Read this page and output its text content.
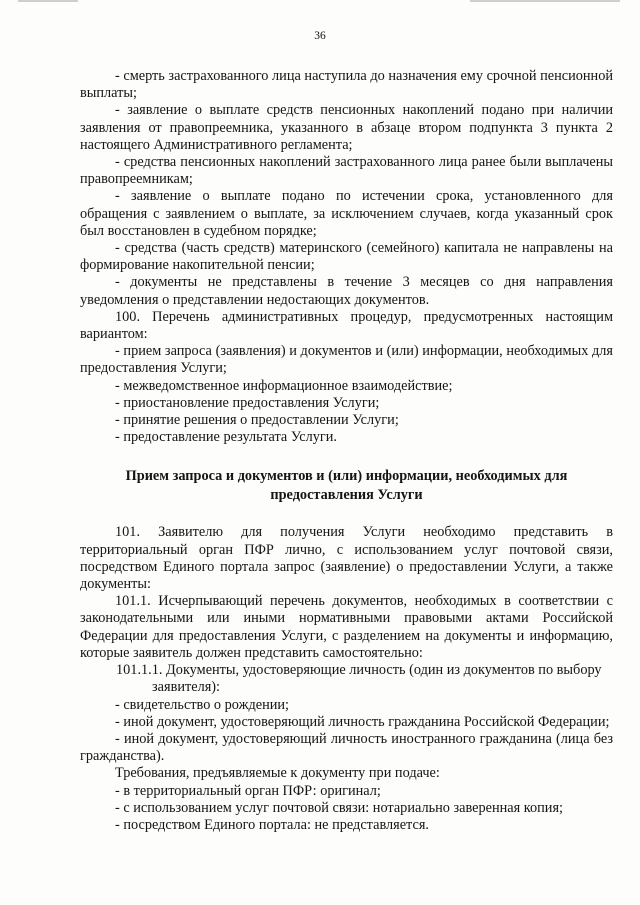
36

- смерть застрахованного лица наступила до назначения ему срочной пенсионной выплаты;

- заявление о выплате средств пенсионных накоплений подано при наличии заявления от правопреемника, указанного в абзаце втором подпункта 3 пункта 2 настоящего Административного регламента;

- средства пенсионных накоплений застрахованного лица ранее были выплачены правопреемникам;

- заявление о выплате подано по истечении срока, установленного для обращения с заявлением о выплате, за исключением случаев, когда указанный срок был восстановлен в судебном порядке;

- средства (часть средств) материнского (семейного) капитала не направлены на формирование накопительной пенсии;

- документы не представлены в течение 3 месяцев со дня направления уведомления о представлении недостающих документов.

100. Перечень административных процедур, предусмотренных настоящим вариантом:

- прием запроса (заявления) и документов и (или) информации, необходимых для предоставления Услуги;

- межведомственное информационное взаимодействие;

- приостановление предоставления Услуги;

- принятие решения о предоставлении Услуги;

- предоставление результата Услуги.

Прием запроса и документов и (или) информации, необходимых для предоставления Услуги

101. Заявителю для получения Услуги необходимо представить в территориальный орган ПФР лично, с использованием услуг почтовой связи, посредством Единого портала запрос (заявление) о предоставлении Услуги, а также документы:

101.1. Исчерпывающий перечень документов, необходимых в соответствии с законодательными или иными нормативными правовыми актами Российской Федерации для предоставления Услуги, с разделением на документы и информацию, которые заявитель должен представить самостоятельно:

101.1.1. Документы, удостоверяющие личность (один из документов по выбору заявителя):

- свидетельство о рождении;

- иной документ, удостоверяющий личность гражданина Российской Федерации;

- иной документ, удостоверяющий личность иностранного гражданина (лица без гражданства).

Требования, предъявляемые к документу при подаче:

- в территориальный орган ПФР: оригинал;

- с использованием услуг почтовой связи: нотариально заверенная копия;

- посредством Единого портала: не представляется.
